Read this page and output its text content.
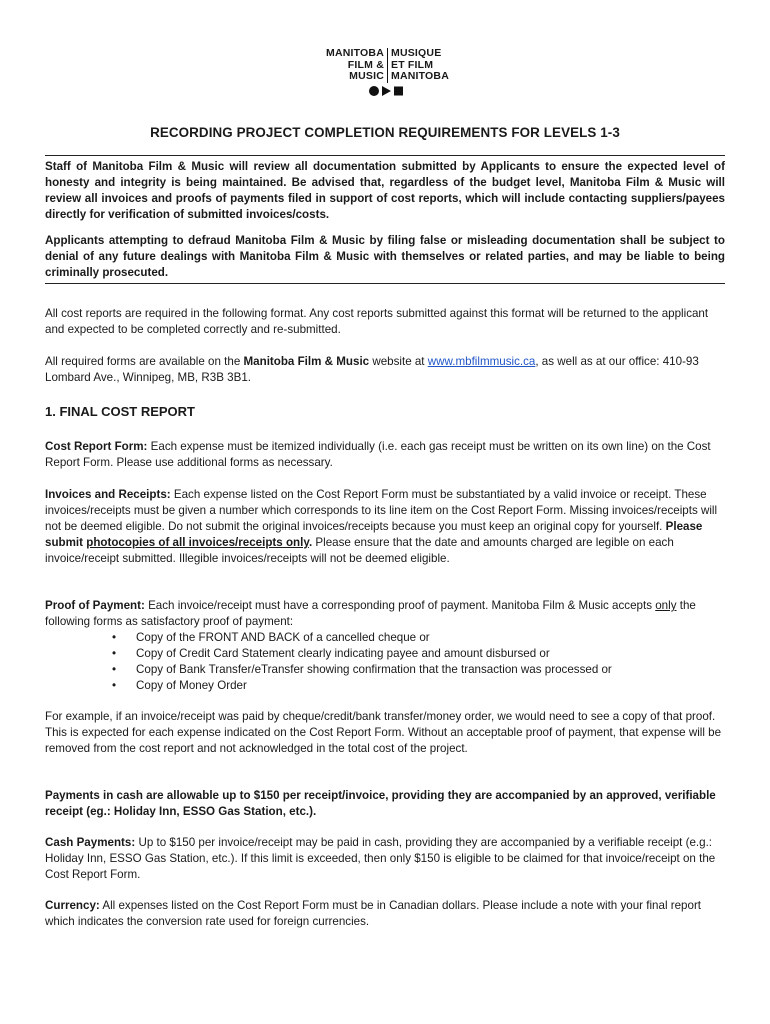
MANITOBA
FILM &
MUSIC
MUSIQUE
ET FILM
MANITOBA
RECORDING PROJECT COMPLETION REQUIREMENTS FOR LEVELS 1-3

Staff of Manitoba Film & Music will review all documentation submitted by Applicants to ensure the expected level of honesty and integrity is being maintained. Be advised that, regardless of the budget level, Manitoba Film & Music will review all invoices and proofs of payments filed in support of cost reports, which will include contacting suppliers/payees directly for verification of submitted invoices/costs.

Applicants attempting to defraud Manitoba Film & Music by filing false or misleading documentation shall be subject to denial of any future dealings with Manitoba Film & Music with themselves or related parties, and may be liable to being criminally prosecuted.

All cost reports are required in the following format. Any cost reports submitted against this format will be returned to the applicant and expected to be completed correctly and re-submitted.

All required forms are available on the Manitoba Film & Music website at www.mbfilmmusic.ca, as well as at our office: 410-93 Lombard Ave., Winnipeg, MB, R3B 3B1.

1. FINAL COST REPORT

Cost Report Form: Each expense must be itemized individually (i.e. each gas receipt must be written on its own line) on the Cost Report Form. Please use additional forms as necessary.

Invoices and Receipts: Each expense listed on the Cost Report Form must be substantiated by a valid invoice or receipt. These invoices/receipts must be given a number which corresponds to its line item on the Cost Report Form. Missing invoices/receipts will not be deemed eligible. Do not submit the original invoices/receipts because you must keep an original copy for yourself. Please submit photocopies of all invoices/receipts only. Please ensure that the date and amounts charged are legible on each invoice/receipt submitted. Illegible invoices/receipts will not be deemed eligible.

Proof of Payment: Each invoice/receipt must have a corresponding proof of payment. Manitoba Film & Music accepts only the following forms as satisfactory proof of payment:

• Copy of the FRONT AND BACK of a cancelled cheque or
• Copy of Credit Card Statement clearly indicating payee and amount disbursed or
• Copy of Bank Transfer/eTransfer showing confirmation that the transaction was processed or
• Copy of Money Order

For example, if an invoice/receipt was paid by cheque/credit/bank transfer/money order, we would need to see a copy of that proof. This is expected for each expense indicated on the Cost Report Form. Without an acceptable proof of payment, that expense will be removed from the cost report and not acknowledged in the total cost of the project.

Payments in cash are allowable up to $150 per receipt/invoice, providing they are accompanied by an approved, verifiable receipt (eg.: Holiday Inn, ESSO Gas Station, etc.).

Cash Payments: Up to $150 per invoice/receipt may be paid in cash, providing they are accompanied by a verifiable receipt (e.g.: Holiday Inn, ESSO Gas Station, etc.). If this limit is exceeded, then only $150 is eligible to be claimed for that invoice/receipt on the Cost Report Form.

Currency: All expenses listed on the Cost Report Form must be in Canadian dollars. Please include a note with your final report which indicates the conversion rate used for foreign currencies.
